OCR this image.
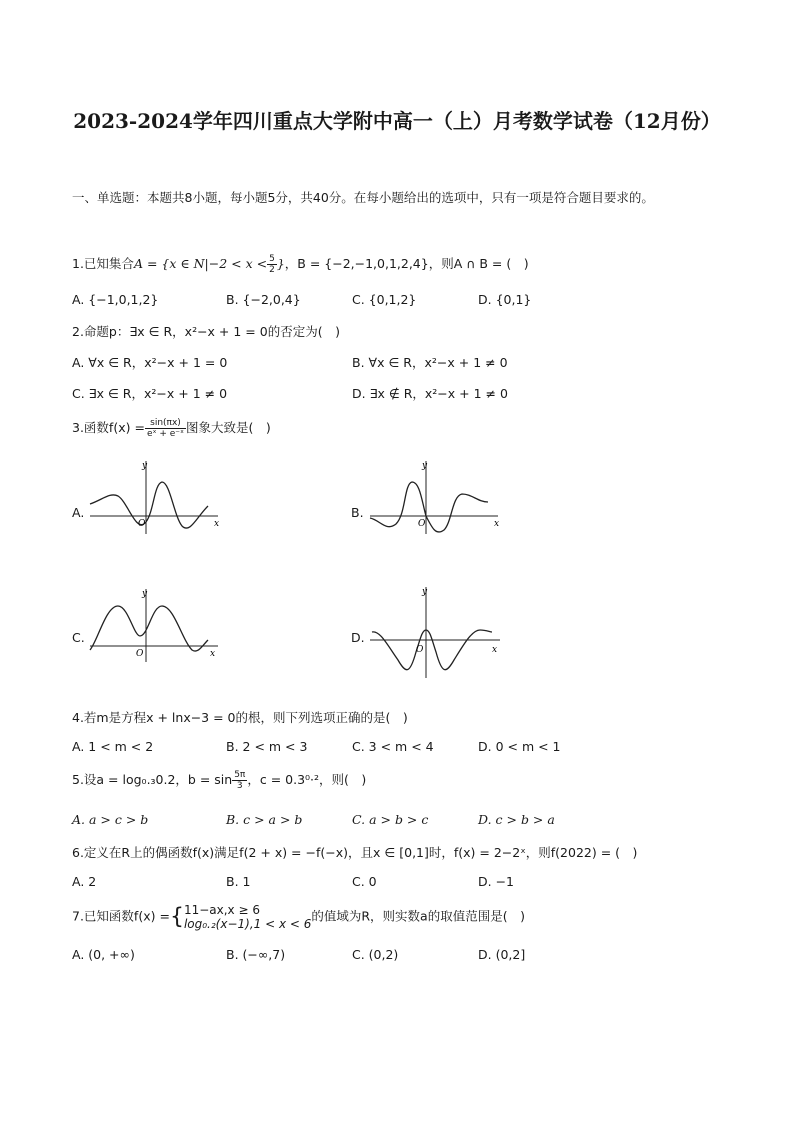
2023-2024学年四川重点大学附中高一（上）月考数学试卷（12月份）
一、单选题：本题共8小题，每小题5分，共40分。在每小题给出的选项中，只有一项是符合题目要求的。
1.已知集合A = {x ∈ $N|-2 < x < \frac{5}{2}$ }，B = {−2,−1,0,1,2,4}，则A ∩ B = (　)
A. {−1,0,1,2}	B. {−2,0,4}	C. {0,1,2}	D. {0,1}
2.命题p：∃x ∈ R，x²−x + 1 = 0的否定为(　)
A. ∀x ∈ R，x²−x + 1 = 0	B. ∀x ∈ R，x²−x + 1 ≠ 0
C. ∃x ∈ R，x²−x + 1 ≠ 0	D. ∃x ∉ R，x²−x + 1 ≠ 0
3.函数$f(x) = \frac{\sin(\pi x)}{\text{eˣ + e⁻ˣ}}$ 图象大致是(　)
A.
y
x
O
B.
y
x
O
C.
y
x
O
D.
y
x
O
4.若m是方程x + lnx−3 = 0的根，则下列选项正确的是(　)
A. 1 < m < 2	B. 2 < m < 3	C. 3 < m < 4	D. 0 < m < 1
5.设a = log₀.₃0.2，$b = \sin \frac{5\pi}{3}$ ，c = 0.3⁰·²，则(　)
A. a > c > b	B. c > a > b	C. a > b > c	D. c > b > a
6.定义在R上的偶函数f(x)满足f(2 + x) = −f(−x)，且x ∈ [0,1]时，f(x) = 2−2ˣ，则f(2022) = (　)
A. 2	B. 1	C. 0	D. −1
7.已知函数f(x) ={ 11−ax,x ≥ 6
log₀.₂(x−1),1 < x < 6
的值域为R，则实数a的取值范围是(　)
A. (0, +∞)	B. (−∞,7)	C. (0,2)	D. (0,2]
